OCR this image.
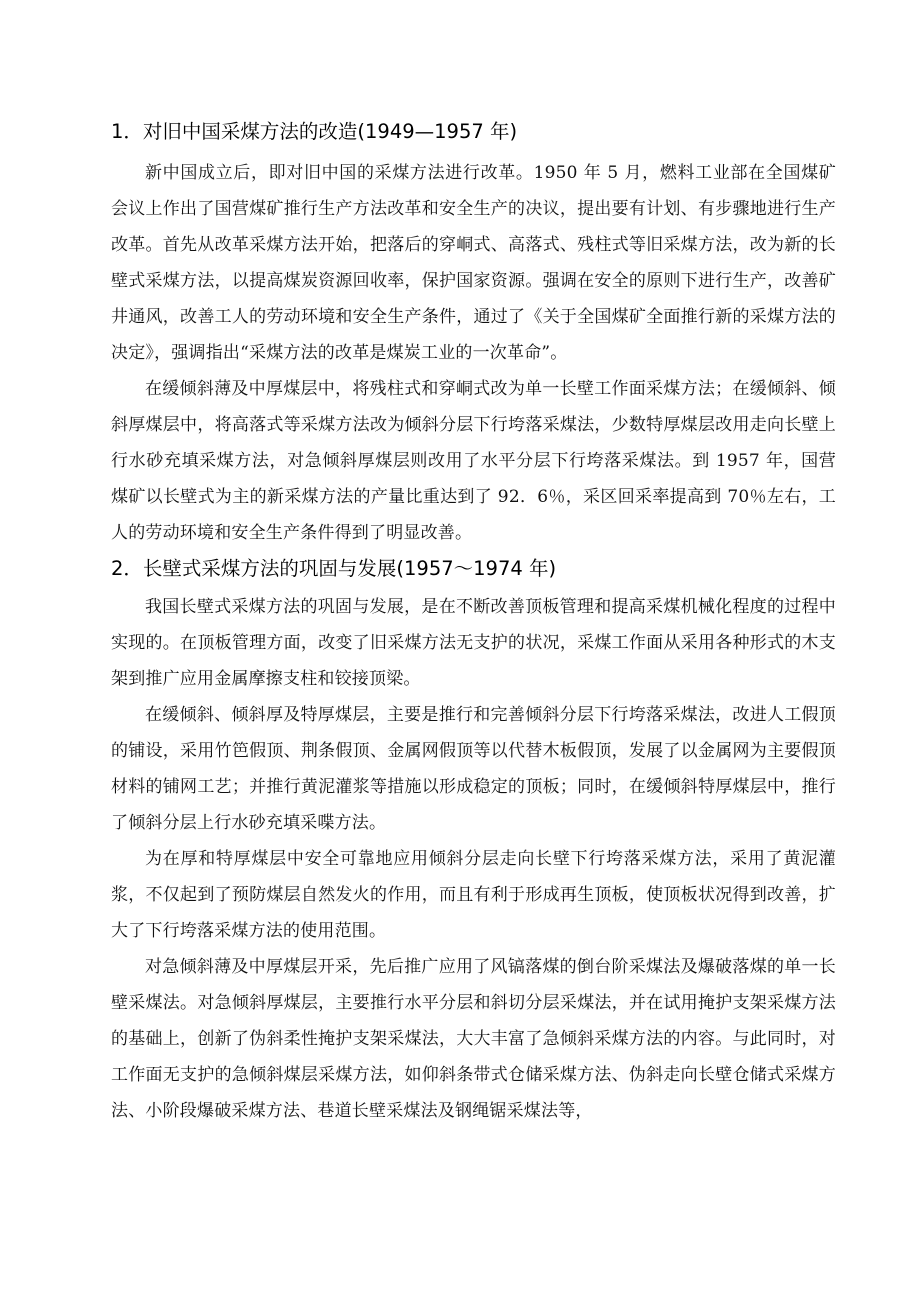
1．对旧中国采煤方法的改造(1949—1957 年)

新中国成立后，即对旧中国的采煤方法进行改革。1950 年 5 月，燃料工业部在全国煤矿会议上作出了国营煤矿推行生产方法改革和安全生产的决议，提出要有计划、有步骤地进行生产改革。首先从改革采煤方法开始，把落后的穿峒式、高落式、残柱式等旧采煤方法，改为新的长壁式采煤方法，以提高煤炭资源回收率，保护国家资源。强调在安全的原则下进行生产，改善矿井通风，改善工人的劳动环境和安全生产条件，通过了《关于全国煤矿全面推行新的采煤方法的决定》，强调指出“采煤方法的改革是煤炭工业的一次革命”。

在缓倾斜薄及中厚煤层中，将残柱式和穿峒式改为单一长壁工作面采煤方法；在缓倾斜、倾斜厚煤层中，将高落式等采煤方法改为倾斜分层下行垮落采煤法，少数特厚煤层改用走向长壁上行水砂充填采煤方法，对急倾斜厚煤层则改用了水平分层下行垮落采煤法。到 1957 年，国营煤矿以长壁式为主的新采煤方法的产量比重达到了 92．6％，采区回采率提高到 70％左右，工人的劳动环境和安全生产条件得到了明显改善。

2．长壁式采煤方法的巩固与发展(1957～1974 年)

我国长壁式采煤方法的巩固与发展，是在不断改善顶板管理和提高采煤机械化程度的过程中实现的。在顶板管理方面，改变了旧采煤方法无支护的状况，采煤工作面从采用各种形式的木支架到推广应用金属摩擦支柱和铰接顶梁。

在缓倾斜、倾斜厚及特厚煤层，主要是推行和完善倾斜分层下行垮落采煤法，改进人工假顶的铺设，采用竹笆假顶、荆条假顶、金属网假顶等以代替木板假顶，发展了以金属网为主要假顶材料的铺网工艺；并推行黄泥灌浆等措施以形成稳定的顶板；同时，在缓倾斜特厚煤层中，推行了倾斜分层上行水砂充填采喋方法。

为在厚和特厚煤层中安全可靠地应用倾斜分层走向长壁下行垮落采煤方法，采用了黄泥灌浆，不仅起到了预防煤层自然发火的作用，而且有利于形成再生顶板，使顶板状况得到改善，扩大了下行垮落采煤方法的使用范围。

对急倾斜薄及中厚煤层开采，先后推广应用了风镐落煤的倒台阶采煤法及爆破落煤的单一长壁采煤法。对急倾斜厚煤层，主要推行水平分层和斜切分层采煤法，并在试用掩护支架采煤方法的基础上，创新了伪斜柔性掩护支架采煤法，大大丰富了急倾斜采煤方法的内容。与此同时，对工作面无支护的急倾斜煤层采煤方法，如仰斜条带式仓储采煤方法、伪斜走向长壁仓储式采煤方法、小阶段爆破采煤方法、巷道长壁采煤法及钢绳锯采煤法等，
